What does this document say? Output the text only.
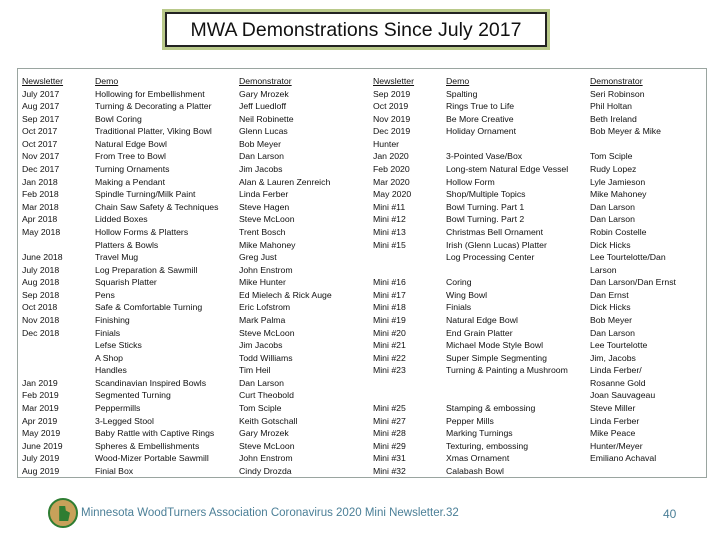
MWA Demonstrations Since July 2017
Newsletter
July 2017
Aug 2017
Sep 2017
Oct 2017
Oct 2017
Nov 2017
Dec 2017
Jan 2018
Feb 2018
Mar 2018
Apr 2018
May 2018
June 2018
July 2018
Aug 2018
Sep 2018
Oct 2018
Nov 2018
Dec 2018
Jan 2019
Feb 2019
Mar 2019
Apr 2019
May 2019
June 2019
July 2019
Aug 2019
Demo
Hollowing for Embellishment
Turning & Decorating a Platter
Bowl Coring
Traditional Platter, Viking Bowl
Natural Edge Bowl
From Tree to Bowl
Turning Ornaments
Making a Pendant
Spindle Turning/Milk Paint
Chain Saw Safety & Techniques
Lidded Boxes
Hollow Forms & Platters
Platters & Bowls
Travel Mug
Log Preparation & Sawmill
Squarish Platter
Pens
Safe & Comfortable Turning
Finishing
Finials
Lefse Sticks
A Shop
Handles
Scandinavian Inspired Bowls
Segmented Turning
Peppermills
3-Legged Stool
Baby Rattle with Captive Rings
Spheres & Embellishments
Wood-Mizer Portable Sawmill
Finial Box
Demonstrator
Gary Mrozek
Jeff Luedloff
Neil Robinette
Glenn Lucas
Bob Meyer
Dan Larson
Jim Jacobs
Alan & Lauren Zenreich
Linda Ferber
Steve Hagen
Steve McLoon
Trent Bosch
Mike Mahoney
Greg Just
John Enstrom
Mike Hunter
Ed Mielech & Rick Auge
Eric Lofstrom
Mark Palma
Steve McLoon
Jim Jacobs
Todd Williams
Tim Heil
Dan Larson
Curt Theobold
Tom Sciple
Keith Gotschall
Gary Mrozek
Steve McLoon
John Enstrom
Cindy Drozda
Newsletter
Sep 2019
Oct 2019
Nov 2019
Dec 2019
Hunter
Jan 2020
Feb 2020
Mar 2020
May 2020
Mini #11
Mini #12
Mini #13
Mini #15
Mini #16
Mini #17
Mini #18
Mini #19
Mini #20
Mini #21
Mini #22
Mini #23
Mini #25
Mini #27
Mini #28
Mini #29
Mini #31
Mini #32
Demo
Spalting
Rings True to Life
Be More Creative
Holiday Ornament
3-Pointed Vase/Box
Long-stem Natural Edge Vessel
Hollow Form
Shop/Multiple Topics
Bowl Turning. Part 1
Bowl Turning. Part 2
Christmas Bell Ornament
Irish (Glenn Lucas) Platter
Log Processing Center
Coring
Wing Bowl
Finials
Natural Edge Bowl
End Grain Platter
Michael Mode Style Bowl
Super Simple Segmenting
Turning & Painting a Mushroom
Stamping & embossing
Pepper Mills
Marking Turnings
Texturing, embossing
Xmas Ornament
Calabash Bowl
Demonstrator
Seri Robinson
Phil Holtan
Beth Ireland
Bob Meyer & Mike
Tom Sciple
Rudy Lopez
Lyle Jamieson
Mike Mahoney
Dan Larson
Dan Larson
Robin Costelle
Dick Hicks
Lee Tourtelotte/Dan
Larson
Dan Larson/Dan Ernst
Dan Ernst
Dick Hicks
Bob Meyer
Dan Larson
Lee Tourtelotte
Jim, Jacobs
Linda Ferber/
Rosanne Gold
Joan Sauvageau
Steve Miller
Linda Ferber
Mike Peace
Hunter/Meyer
Emiliano Achaval
Minnesota WoodTurners Association Coronavirus 2020 Mini Newsletter.32	40
